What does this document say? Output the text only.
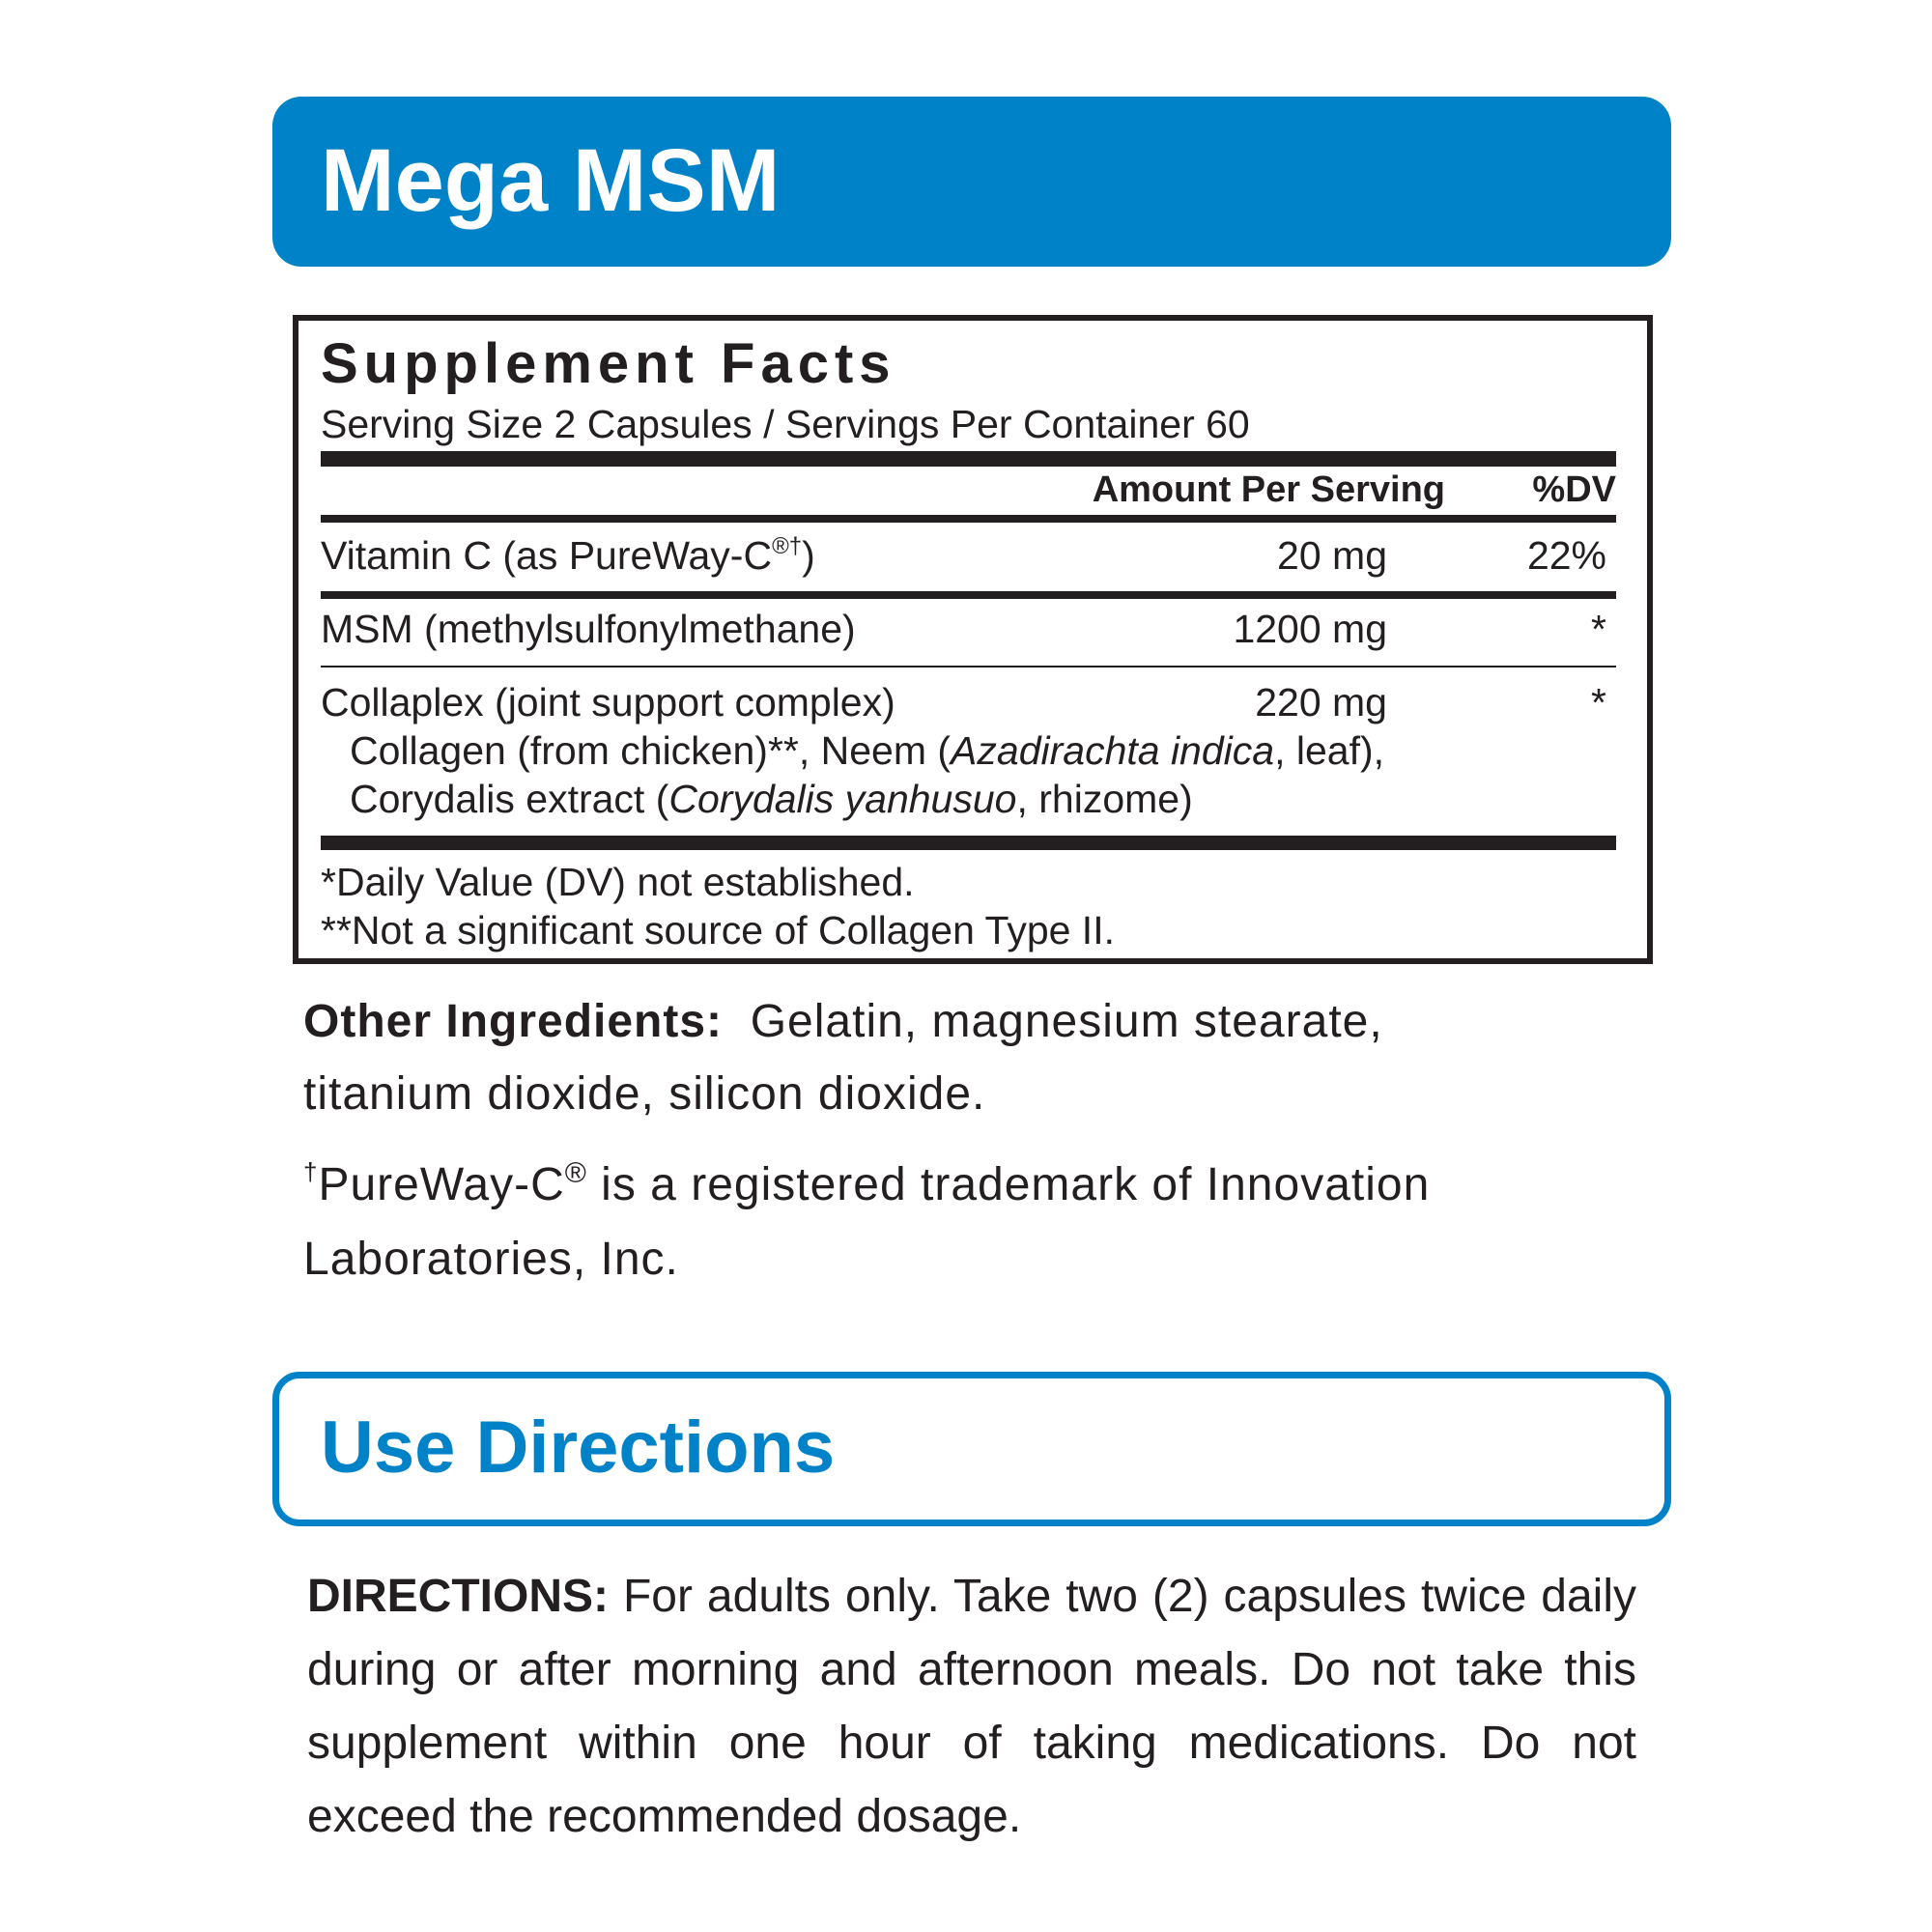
Mega MSM
Supplement Facts
Serving Size 2 Capsules / Servings Per Container 60
Amount Per Serving %DV
Vitamin C (as PureWay-C®†)	20 mg	22%
MSM (methylsulfonylmethane)	1200 mg	*
Collaplex (joint support complex)	220 mg	*
Collagen (from chicken)**, Neem (Azadirachta indica, leaf),
Corydalis extract (Corydalis yanhusuo, rhizome)
*Daily Value (DV) not established.
**Not a significant source of Collagen Type II.
Other Ingredients: Gelatin, magnesium stearate, titanium dioxide, silicon dioxide.
†PureWay-C® is a registered trademark of Innovation Laboratories, Inc.
Use Directions
DIRECTIONS: For adults only. Take two (2) capsules twice daily during or after morning and afternoon meals. Do not take this supplement within one hour of taking medications. Do not exceed the recommended dosage.
